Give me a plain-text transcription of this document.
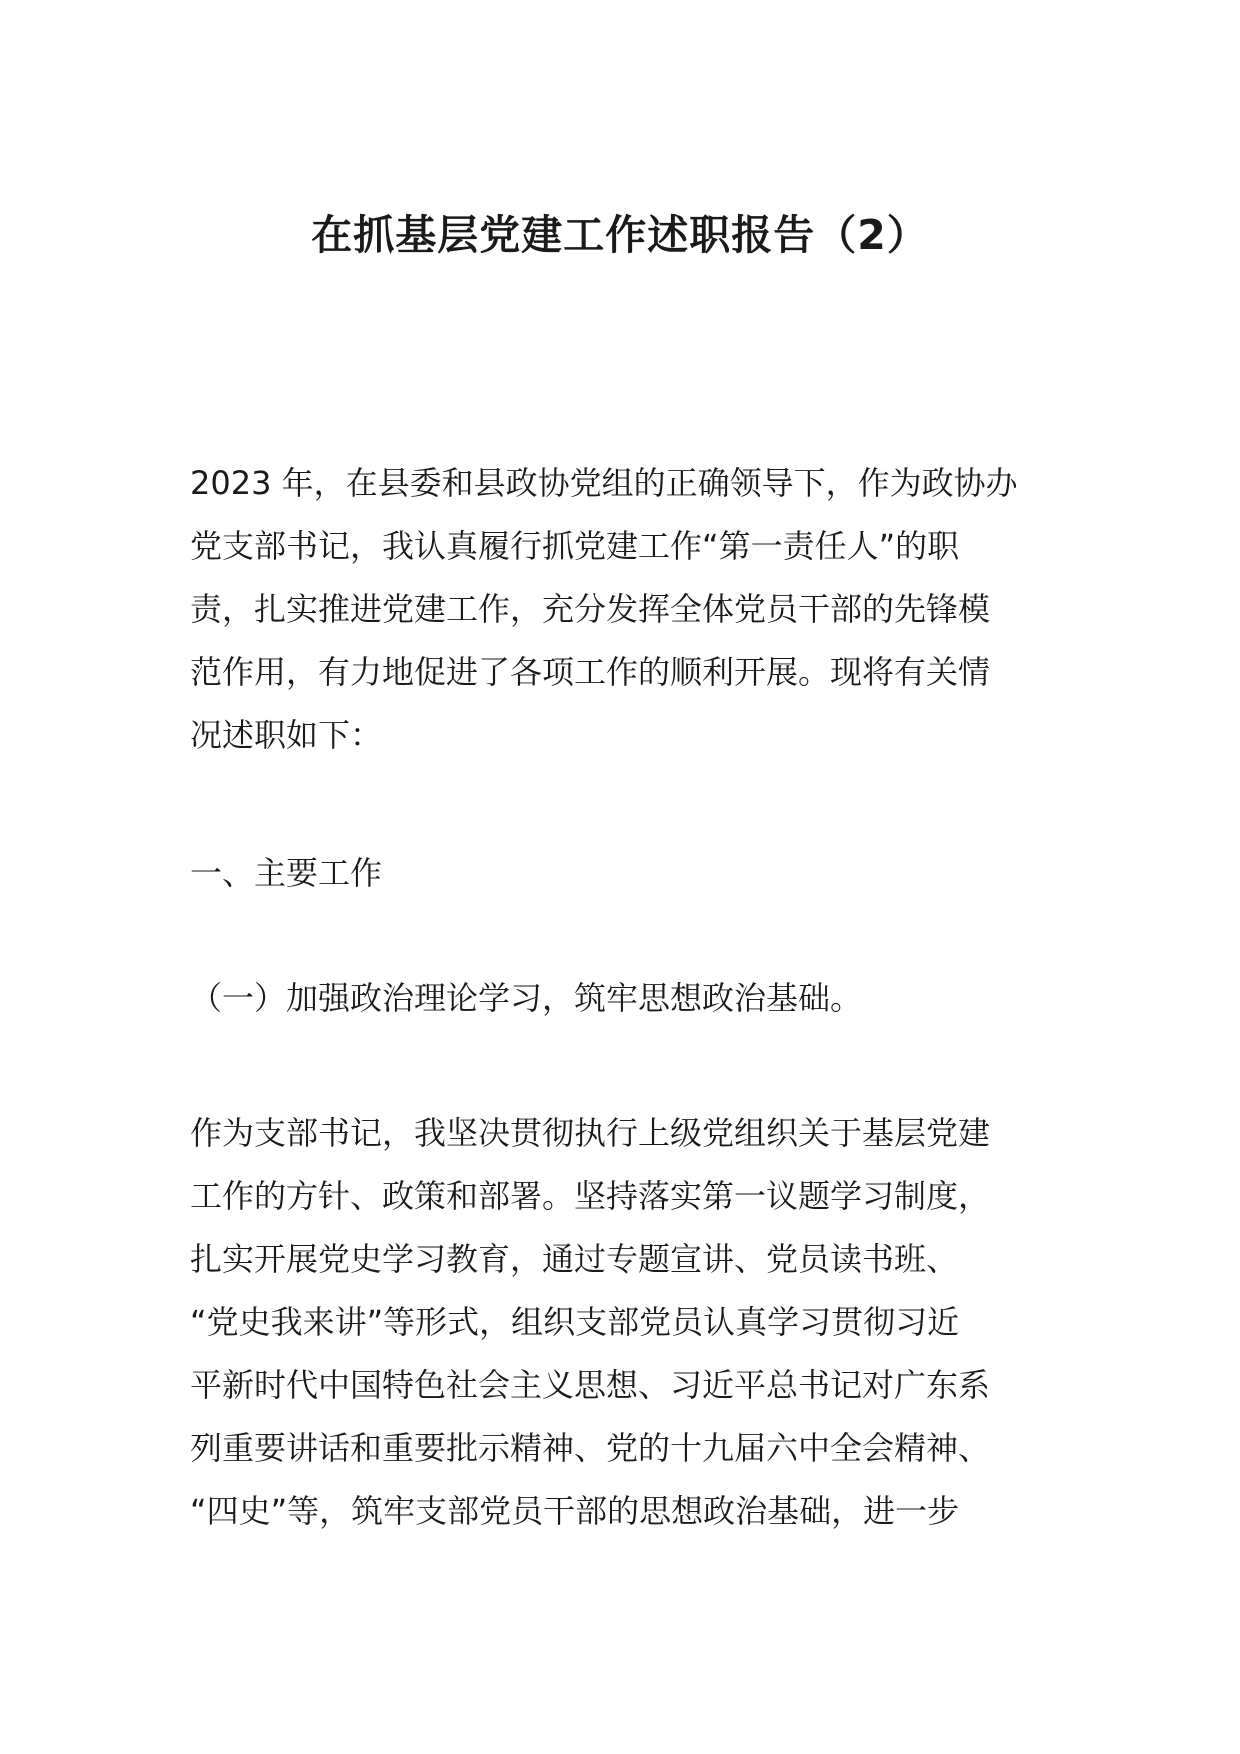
在抓基层党建工作述职报告（2）

2023 年，在县委和县政协党组的正确领导下，作为政协办
党支部书记，我认真履行抓党建工作“第一责任人”的职
责，扎实推进党建工作，充分发挥全体党员干部的先锋模
范作用，有力地促进了各项工作的顺利开展。现将有关情
况述职如下：

一、主要工作

（一）加强政治理论学习，筑牢思想政治基础。

作为支部书记，我坚决贯彻执行上级党组织关于基层党建
工作的方针、政策和部署。坚持落实第一议题学习制度，
扎实开展党史学习教育，通过专题宣讲、党员读书班、
“党史我来讲”等形式，组织支部党员认真学习贯彻习近
平新时代中国特色社会主义思想、习近平总书记对广东系
列重要讲话和重要批示精神、党的十九届六中全会精神、
“四史”等，筑牢支部党员干部的思想政治基础，进一步
